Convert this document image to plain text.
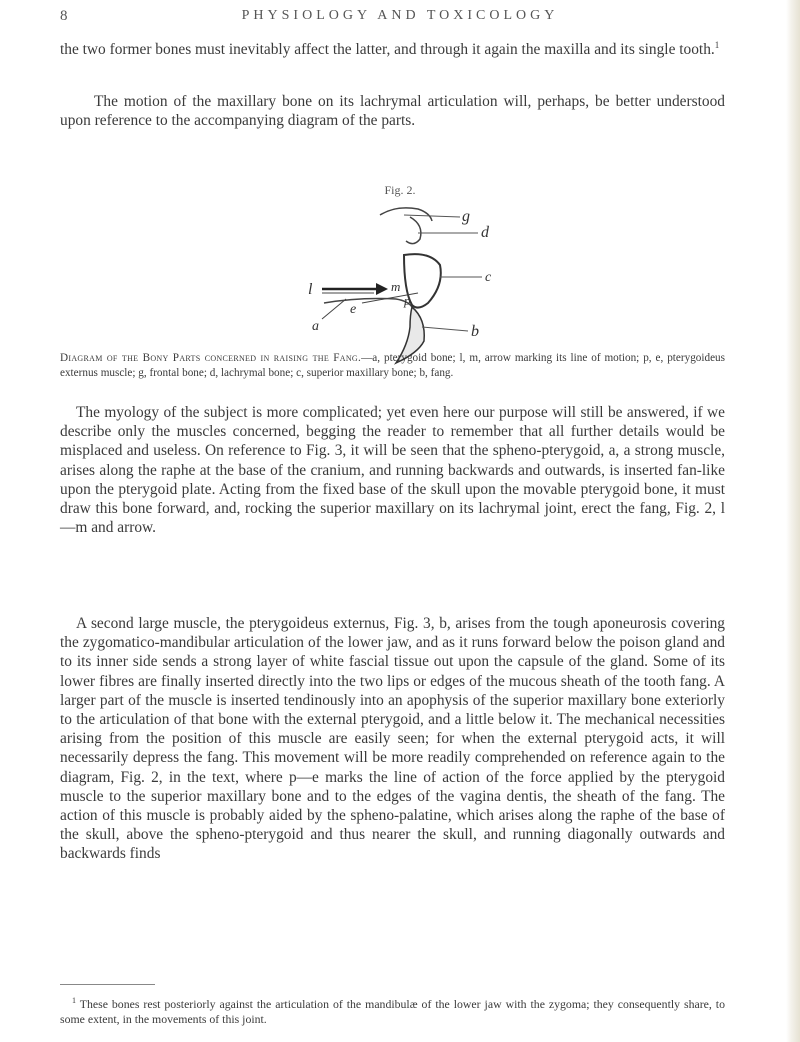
8	PHYSIOLOGY AND TOXICOLOGY

the two former bones must inevitably affect the latter, and through it again the maxilla and its single tooth.$^1$

The motion of the maxillary bone on its lachrymal articulation will, perhaps, be better understood upon reference to the accompanying diagram of the parts.

Fig. 2.
g
d
l	m
c
e
p
a	b

Diagram of the Bony Parts concerned in raising the Fang.—a, pterygoid bone; l, m, arrow marking its line of motion; p, e, pterygoideus externus muscle; g, frontal bone; d, lachrymal bone; c, superior maxillary bone; b, fang.

The myology of the subject is more complicated; yet even here our purpose will still be answered, if we describe only the muscles concerned, begging the reader to remember that all further details would be misplaced and useless. On reference to Fig. 3, it will be seen that the spheno-pterygoid, a, a strong muscle, arises along the raphe at the base of the cranium, and running backwards and outwards, is inserted fan-like upon the pterygoid plate. Acting from the fixed base of the skull upon the movable pterygoid bone, it must draw this bone forward, and, rocking the superior maxillary on its lachrymal joint, erect the fang, Fig. 2, l—m and arrow.

A second large muscle, the pterygoideus externus, Fig. 3, b, arises from the tough aponeurosis covering the zygomatico-mandibular articulation of the lower jaw, and as it runs forward below the poison gland and to its inner side sends a strong layer of white fascial tissue out upon the capsule of the gland. Some of its lower fibres are finally inserted directly into the two lips or edges of the mucous sheath of the tooth fang. A larger part of the muscle is inserted tendinously into an apophysis of the superior maxillary bone exteriorly to the articulation of that bone with the external pterygoid, and a little below it. The mechanical necessities arising from the position of this muscle are easily seen; for when the external pterygoid acts, it will necessarily depress the fang. This movement will be more readily comprehended on reference again to the diagram, Fig. 2, in the text, where p—e marks the line of action of the force applied by the pterygoid muscle to the superior maxillary bone and to the edges of the vagina dentis, the sheath of the fang. The action of this muscle is probably aided by the spheno-palatine, which arises along the raphe of the base of the skull, above the spheno-pterygoid and thus nearer the skull, and running diagonally outwards and backwards finds

$^1$ These bones rest posteriorly against the articulation of the mandibulæ of the lower jaw with the zygoma; they consequently share, to some extent, in the movements of this joint.
